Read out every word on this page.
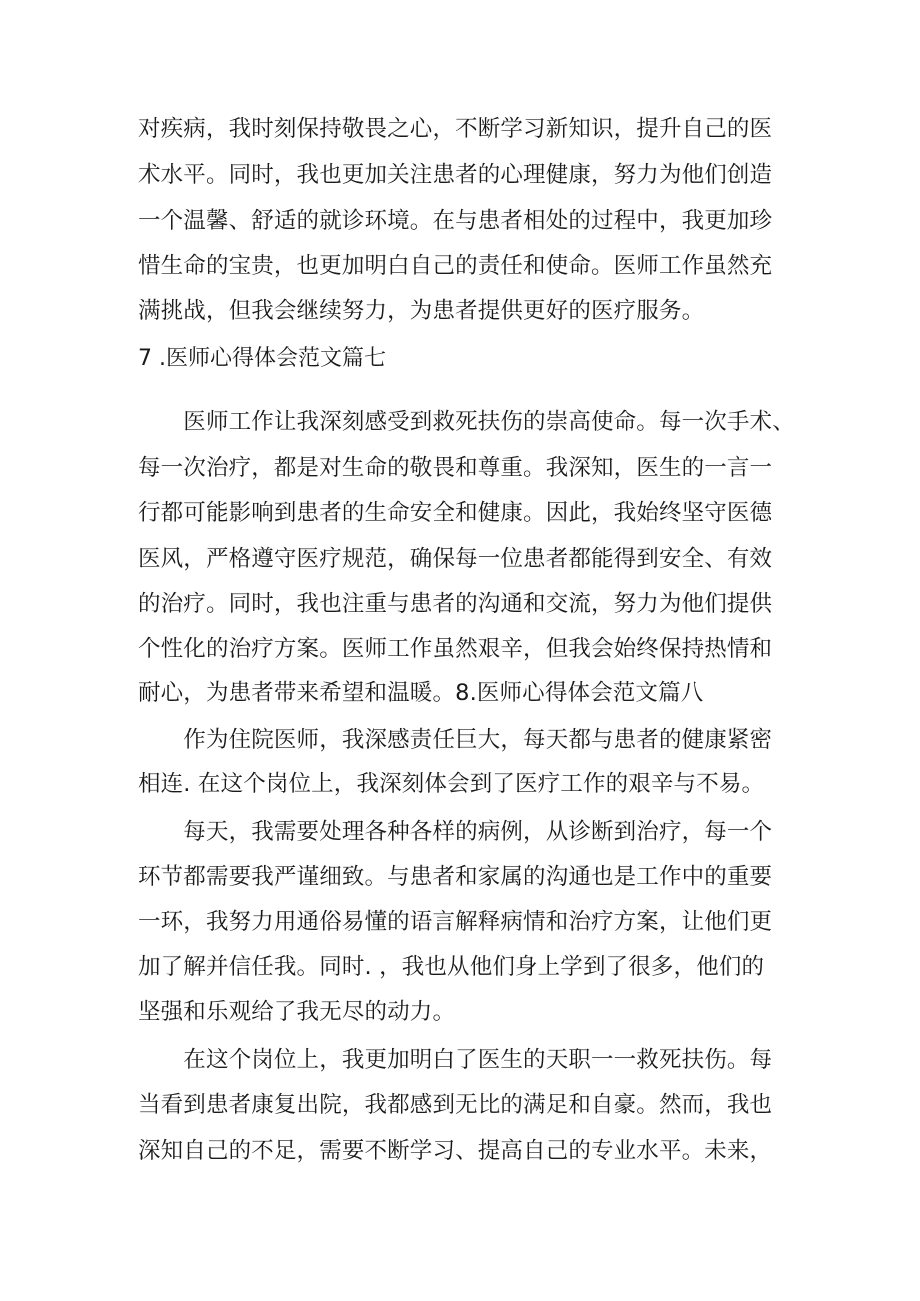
对疾病，我时刻保持敬畏之心，不断学习新知识，提升自己的医
术水平。同时，我也更加关注患者的心理健康，努力为他们创造
一个温馨、舒适的就诊环境。在与患者相处的过程中，我更加珍
惜生命的宝贵，也更加明白自己的责任和使命。医师工作虽然充
满挑战，但我会继续努力，为患者提供更好的医疗服务。
7 .医师心得体会范文篇七
　　医师工作让我深刻感受到救死扶伤的崇高使命。每一次手术、
每一次治疗，都是对生命的敬畏和尊重。我深知，医生的一言一
行都可能影响到患者的生命安全和健康。因此，我始终坚守医德
医风，严格遵守医疗规范，确保每一位患者都能得到安全、有效
的治疗。同时，我也注重与患者的沟通和交流，努力为他们提供
个性化的治疗方案。医师工作虽然艰辛，但我会始终保持热情和
耐心，为患者带来希望和温暖。8.医师心得体会范文篇八
　　作为住院医师，我深感责任巨大，每天都与患者的健康紧密
相连. 在这个岗位上，我深刻体会到了医疗工作的艰辛与不易。
　　每天，我需要处理各种各样的病例，从诊断到治疗，每一个
环节都需要我严谨细致。与患者和家属的沟通也是工作中的重要
一环，我努力用通俗易懂的语言解释病情和治疗方案，让他们更
加了解并信任我。同时. ，我也从他们身上学到了很多，他们的
坚强和乐观给了我无尽的动力。
　　在这个岗位上，我更加明白了医生的天职一一救死扶伤。每
当看到患者康复出院，我都感到无比的满足和自豪。然而，我也
深知自己的不足，需要不断学习、提高自己的专业水平。未来，
